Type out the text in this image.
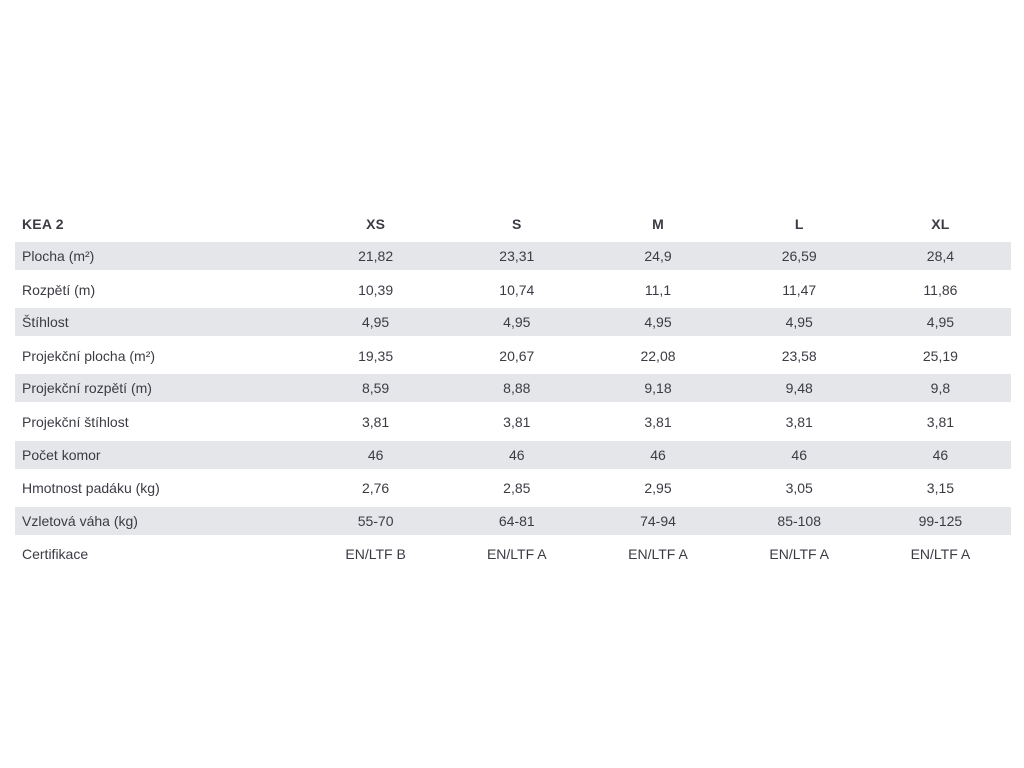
KEA 2	XS	S	M	L	XL
Plocha (m²)	21,82	23,31	24,9	26,59	28,4
Rozpětí (m)	10,39	10,74	11,1	11,47	11,86
Štíhlost	4,95	4,95	4,95	4,95	4,95
Projekční plocha (m²)	19,35	20,67	22,08	23,58	25,19
Projekční rozpětí (m)	8,59	8,88	9,18	9,48	9,8
Projekční štíhlost	3,81	3,81	3,81	3,81	3,81
Počet komor	46	46	46	46	46
Hmotnost padáku (kg)	2,76	2,85	2,95	3,05	3,15
Vzletová váha (kg)	55-70	64-81	74-94	85-108	99-125
Certifikace	EN/LTF B	EN/LTF A	EN/LTF A	EN/LTF A	EN/LTF A
